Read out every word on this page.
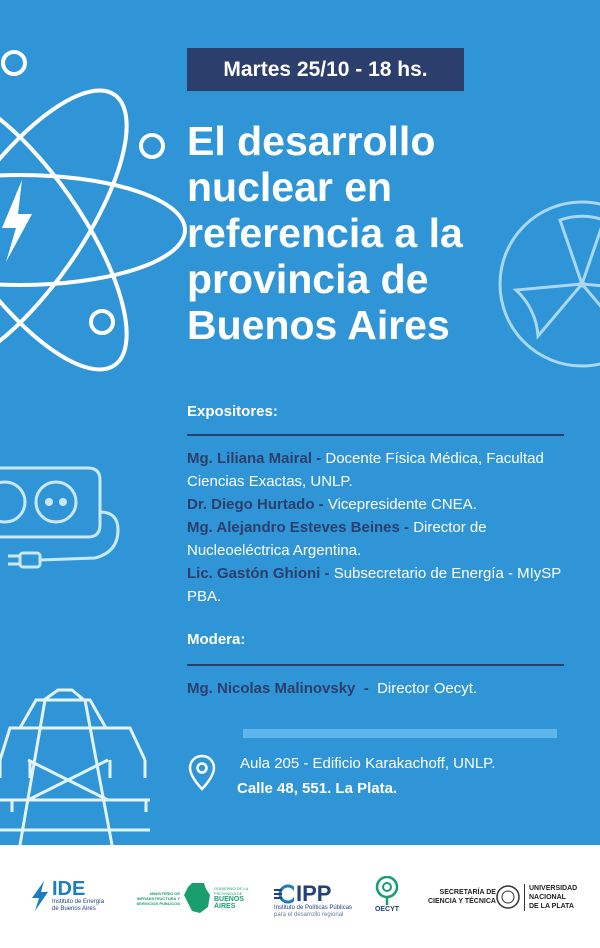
Martes 25/10 - 18 hs.
El desarrollo
nuclear en
referencia a la
provincia de
Buenos Aires
Expositores:

Mg. Liliana Mairal - Docente Física Médica, Facultad Ciencias Exactas, UNLP.

Dr. Diego Hurtado - Vicepresidente CNEA.

Mg. Alejandro Esteves Beines - Director de Nucleoeléctrica Argentina.

Lic. Gastón Ghioni - Subsecretario de Energía - MIySP PBA.

Modera:
Mg. Nicolas Malinovsky  -  Director Oecyt.
Aula 205 - Edificio Karakachoff, UNLP.
Calle 48, 551. La Plata.
IDE
Instituto de Energía
de Buenos Aires
MINISTERIO DE
INFRAESTRUCTURA Y
SERVICIOS PÚBLICOS
GOBIERNO DE LA
PROVINCIA DE
BUENOS
AIRES
IPP
Instituto de Políticas Públicas
para el desarrollo regional
OECYT
SECRETARÍA DE
CIENCIA Y TÉCNICA
UNIVERSIDAD
NACIONAL
DE LA PLATA
